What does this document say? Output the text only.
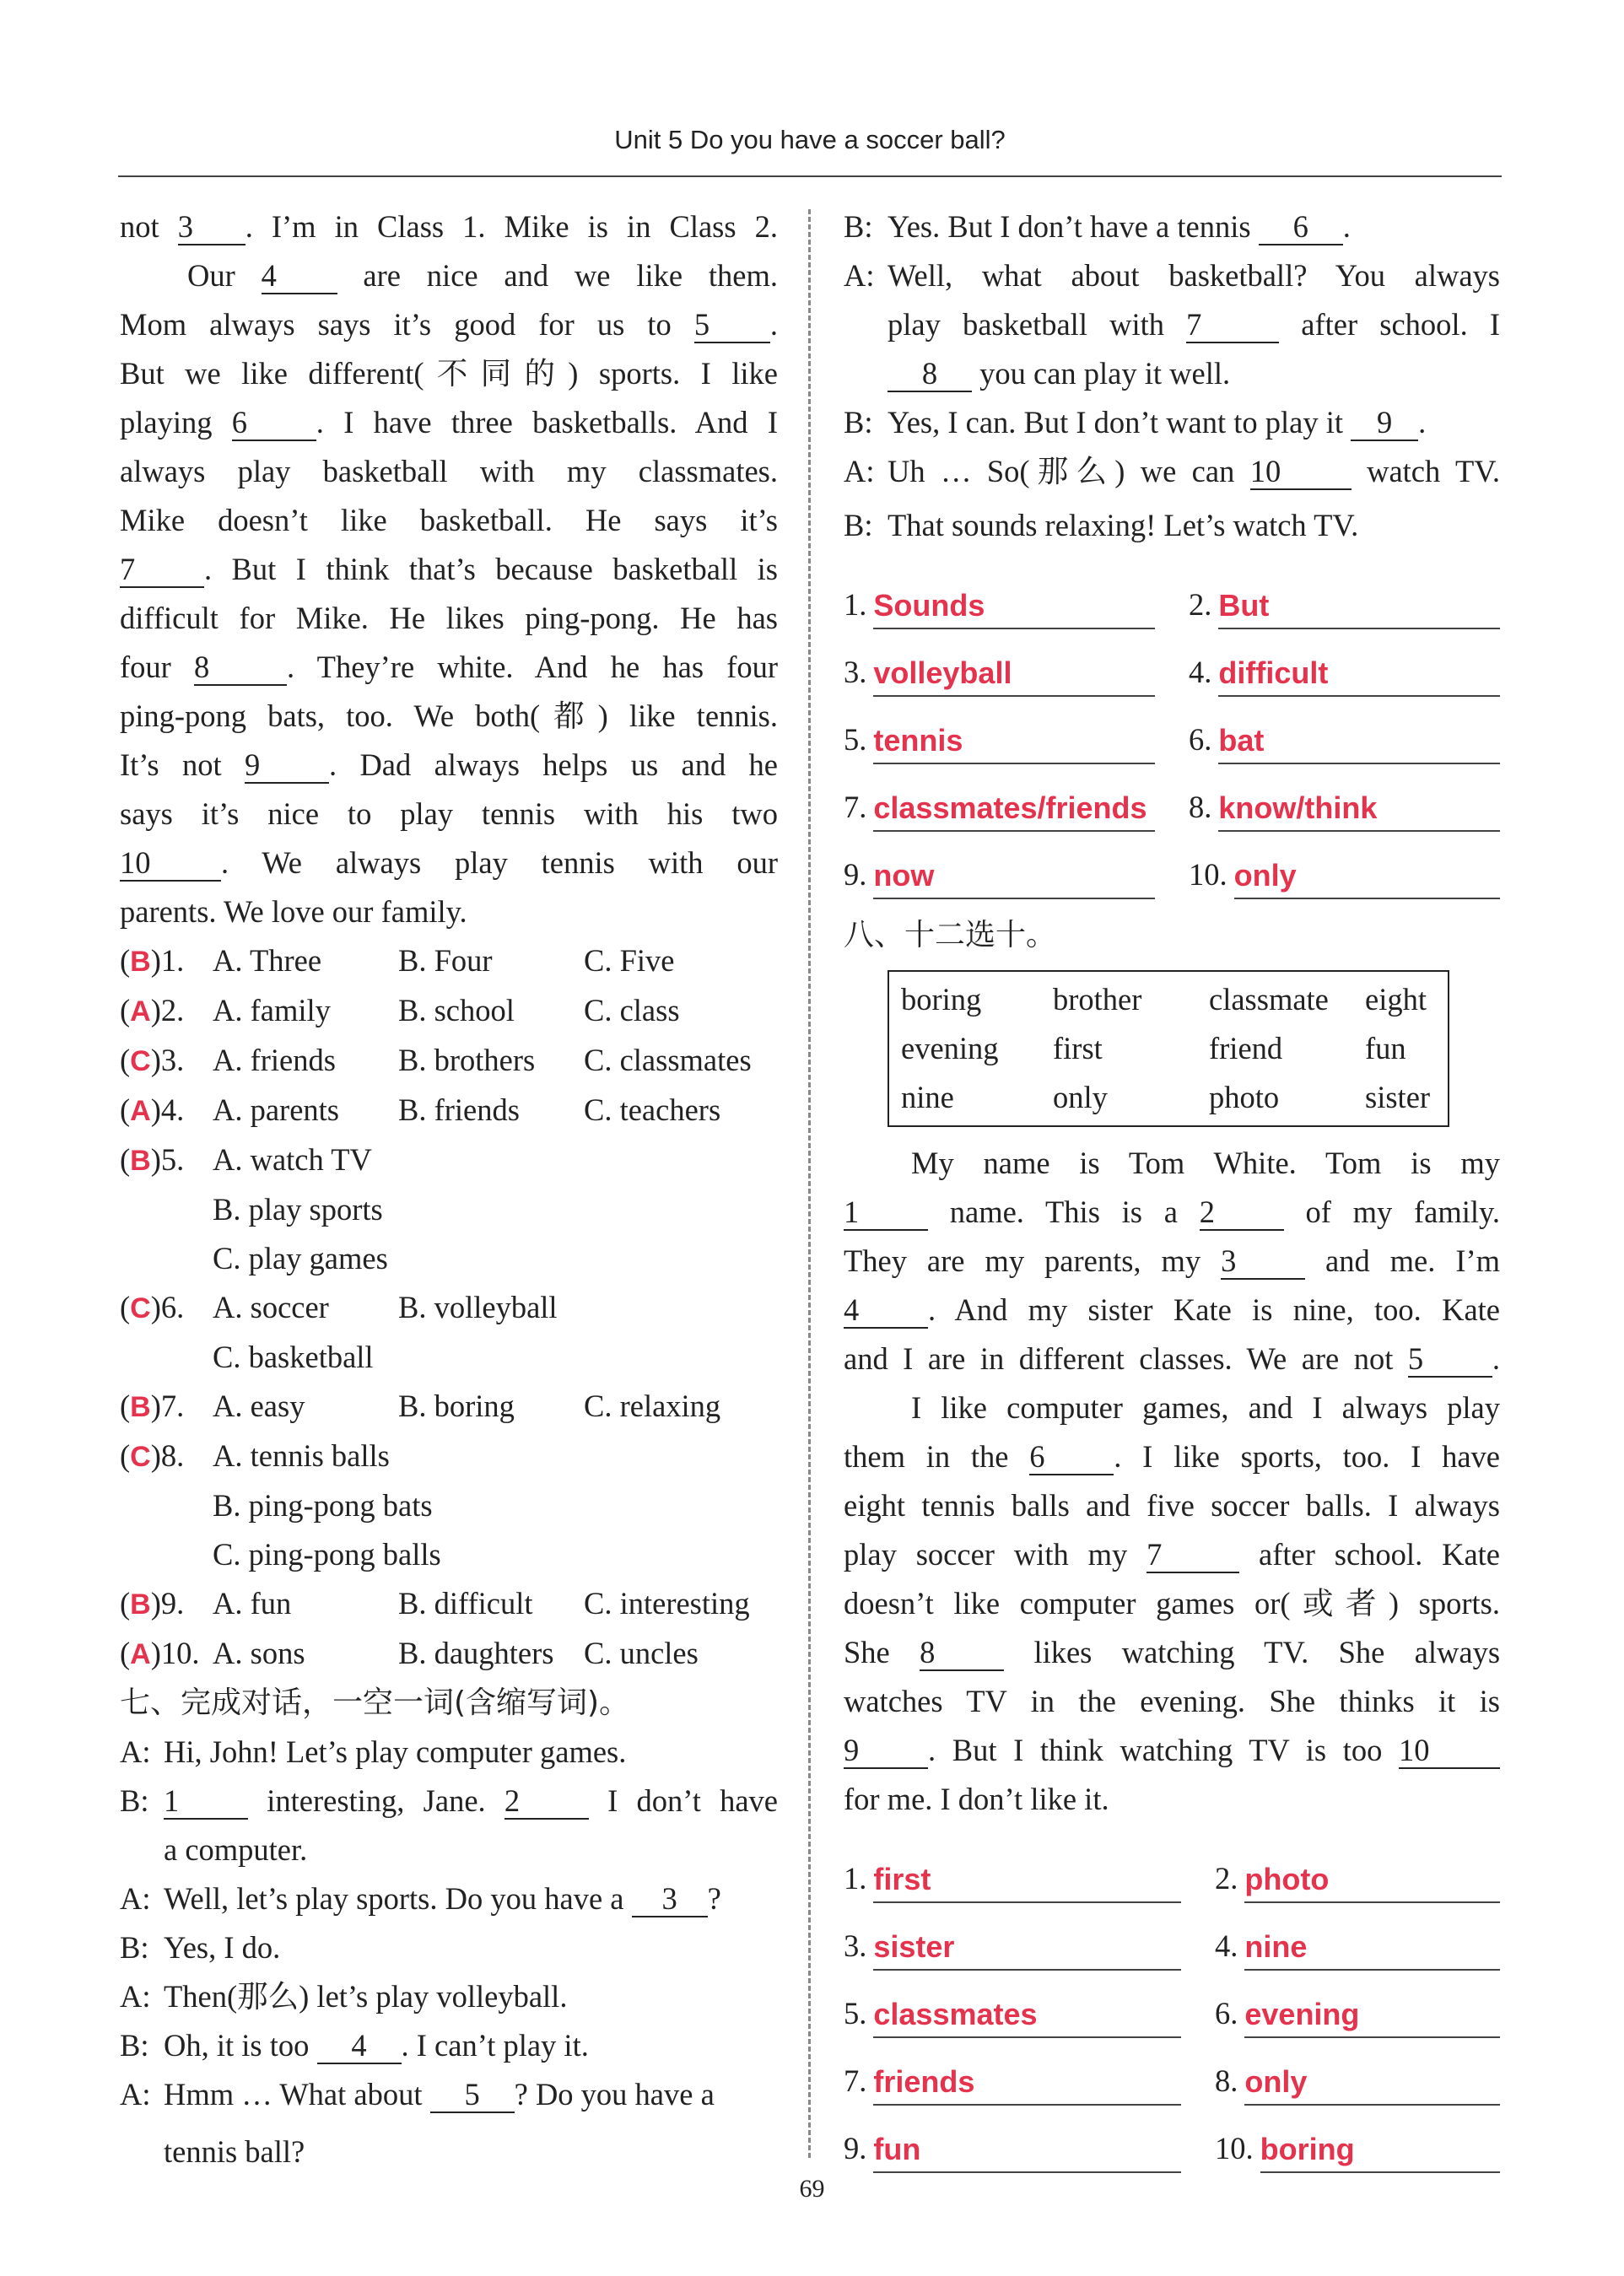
Unit 5 Do you have a soccer ball?

not 3 . I’m in Class 1. Mike is in Class 2.

Our 4	are nice and we like them.

Mom always says it’s good for us to 5 .

But we like different(不同的) sports. I like

playing 6 . I have three basketballs. And I

always play basketball with my classmates.

Mike doesn’t like basketball. He says it’s

7 . But I think that’s because basketball is

difficult for Mike. He likes ping-pong. He has

four 8	. They’re white. And he has four

ping-pong bats, too. We both(都) like tennis.

It’s not 9 . Dad always helps us and he

says it’s nice to play tennis with his two

10 . We always play tennis with our

parents. We love our family.

(B)1. A. Three	B. Four	C. Five
(A)2. A. family	B. school	C. class
(C)3. A. friends	B. brothers	C. classmates
(A)4. A. parents	B. friends	C. teachers
(B)5. A. watch TV

B. play sports

C. play games

(C)6. A. soccer	B. volleyball

C. basketball

(B)7. A. easy	B. boring	C. relaxing
(C)8. A. tennis balls

B. ping-pong bats

C. ping-pong balls

(B)9. A. fun	B. difficult	C. interesting
(A)10. A. sons	B. daughters C. uncles

七、完成对话，一空一词(含缩写词)。

A: Hi, John! Let’s play computer games.
B: 1	interesting, Jane. 2	I don’t have

a computer.

A: Well, let’s play sports. Do you have a 3 ?
B: Yes, I do.
A: Then(那么) let’s play volleyball.
B: Oh, it is too 4 . I can’t play it.
A: Hmm … What about 5 ? Do you have a

tennis ball?

B: Yes. But I don’t have a tennis 6 .
A: Well, what about basketball? You always

play basketball with 7	after school. I

8 you can play it well.

B: Yes, I can. But I don’t want to play it 9 .
A: Uh … So(那么) we can 10	watch TV.
B: That sounds relaxing! Let’s watch TV.
1. Sounds	2. But
3. volleyball	4. difficult
5. tennis	6. bat
7. classmates/friends 8. know/think
9. now	10. only

八、十二选十。

boring	brother	classmate	eight
evening	first	friend	fun
nine	only	photo	sister

My name is Tom White. Tom is my

1	name. This is a 2	of my family.

They are my parents, my 3	and me. I’m

4 . And my sister Kate is nine, too. Kate

and I are in different classes. We are not 5 .

I like computer games, and I always play

them in the 6 . I like sports, too. I have

eight tennis balls and five soccer balls. I always

play soccer with my 7	after school. Kate

doesn’t like computer games or(或者) sports.

She 8	likes watching TV. She always

watches TV in the evening. She thinks it is

9 . But I think watching TV is too 10

for me. I don’t like it.

1. first	2. photo
3. sister	4. nine
5. classmates	6. evening
7. friends	8. only
9. fun	10. boring
69
